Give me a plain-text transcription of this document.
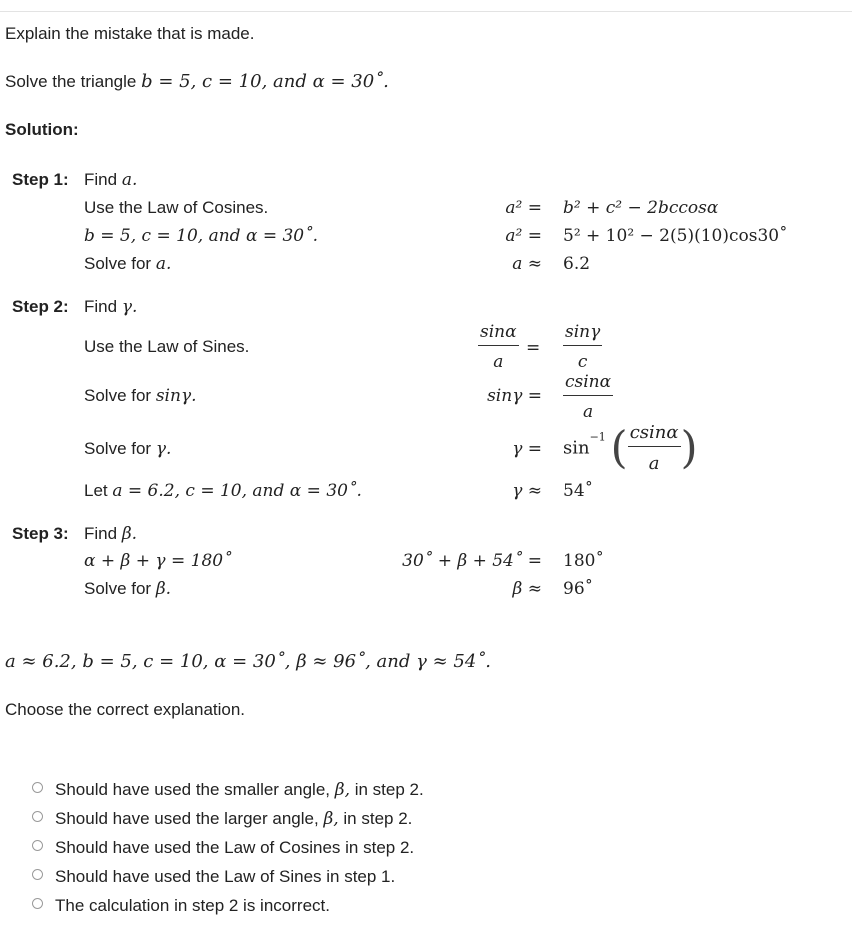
Explain the mistake that is made.
Solve the triangle b = 5, c = 10, and α = 30˚.
Solution:
Step 1: Find a.
Use the Law of Cosines.	a² = b² + c² − 2bccosα
b = 5, c = 10, and α = 30˚.	a² = 5² + 10² − 2(5)(10)cos30˚
Solve for a.	a ≈ 6.2
Step 2: Find γ.
Use the Law of Sines.	$\frac{\sin\alpha}{a} = \frac{\sin\gamma}{c}$
Solve for sinγ.	$\sin\gamma = \frac{csin\alpha}{a}$
Solve for γ.	$\gamma = \sin^{-1}$ ( $\frac{csin\alpha}{a}$ )
Let a = 6.2, c = 10, and α = 30˚.	γ ≈ 54˚
Step 3: Find β.
α + β + γ = 180˚	30˚ + β + 54˚ = 180˚
Solve for β.	β ≈ 96˚
a ≈ 6.2, b = 5, c = 10, α = 30˚, β ≈ 96˚, and γ ≈ 54˚.
Choose the correct explanation.
Should have used the smaller angle, β, in step 2.
Should have used the larger angle, β, in step 2.
Should have used the Law of Cosines in step 2.
Should have used the Law of Sines in step 1.
The calculation in step 2 is incorrect.
